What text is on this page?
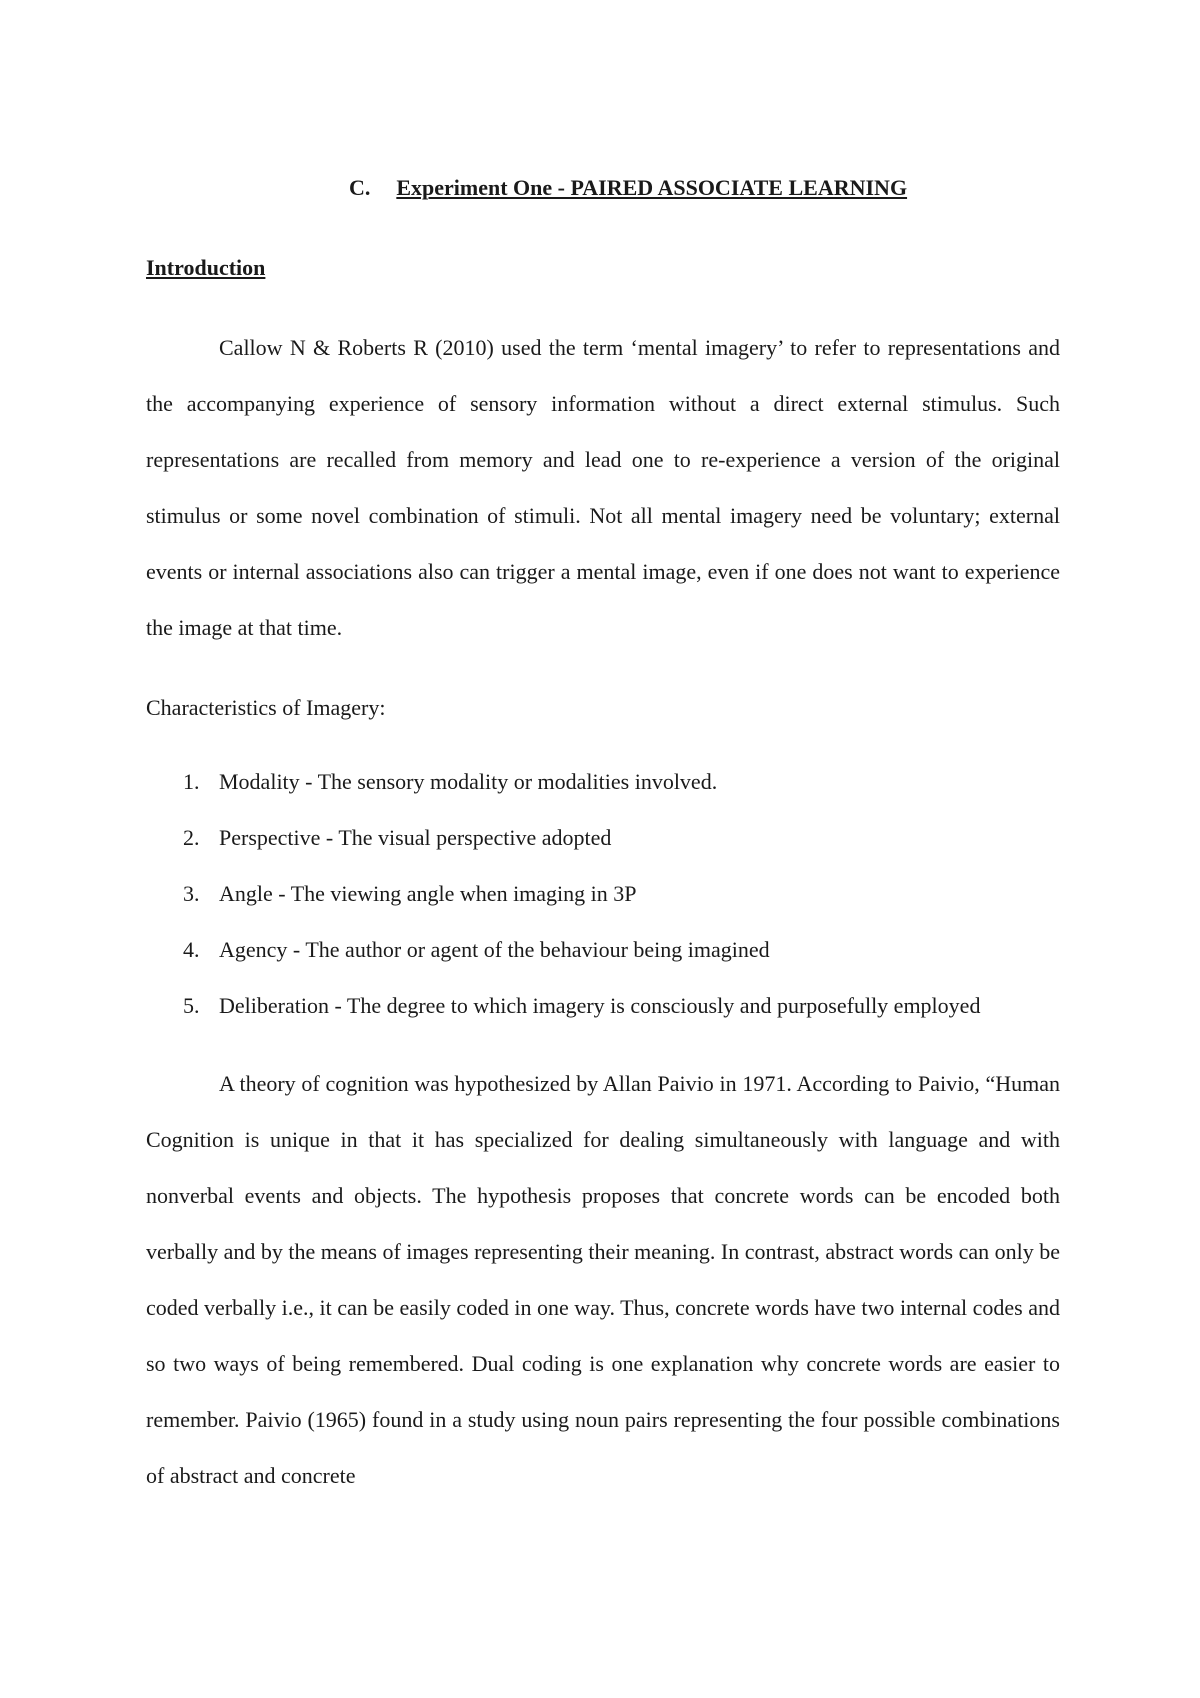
C. Experiment One - PAIRED ASSOCIATE LEARNING
Introduction

Callow N & Roberts R (2010) used the term ‘mental imagery’ to refer to representations and the accompanying experience of sensory information without a direct external stimulus. Such representations are recalled from memory and lead one to re-experience a version of the original stimulus or some novel combination of stimuli. Not all mental imagery need be voluntary; external events or internal associations also can trigger a mental image, even if one does not want to experience the image at that time.

Characteristics of Imagery:
1. Modality - The sensory modality or modalities involved.
2. Perspective - The visual perspective adopted
3. Angle - The viewing angle when imaging in 3P
4. Agency - The author or agent of the behaviour being imagined
5. Deliberation - The degree to which imagery is consciously and purposefully employed

A theory of cognition was hypothesized by Allan Paivio in 1971. According to Paivio, “Human Cognition is unique in that it has specialized for dealing simultaneously with language and with nonverbal events and objects. The hypothesis proposes that concrete words can be encoded both verbally and by the means of images representing their meaning. In contrast, abstract words can only be coded verbally i.e., it can be easily coded in one way. Thus, concrete words have two internal codes and so two ways of being remembered. Dual coding is one explanation why concrete words are easier to remember. Paivio (1965) found in a study using noun pairs representing the four possible combinations of abstract and concrete
